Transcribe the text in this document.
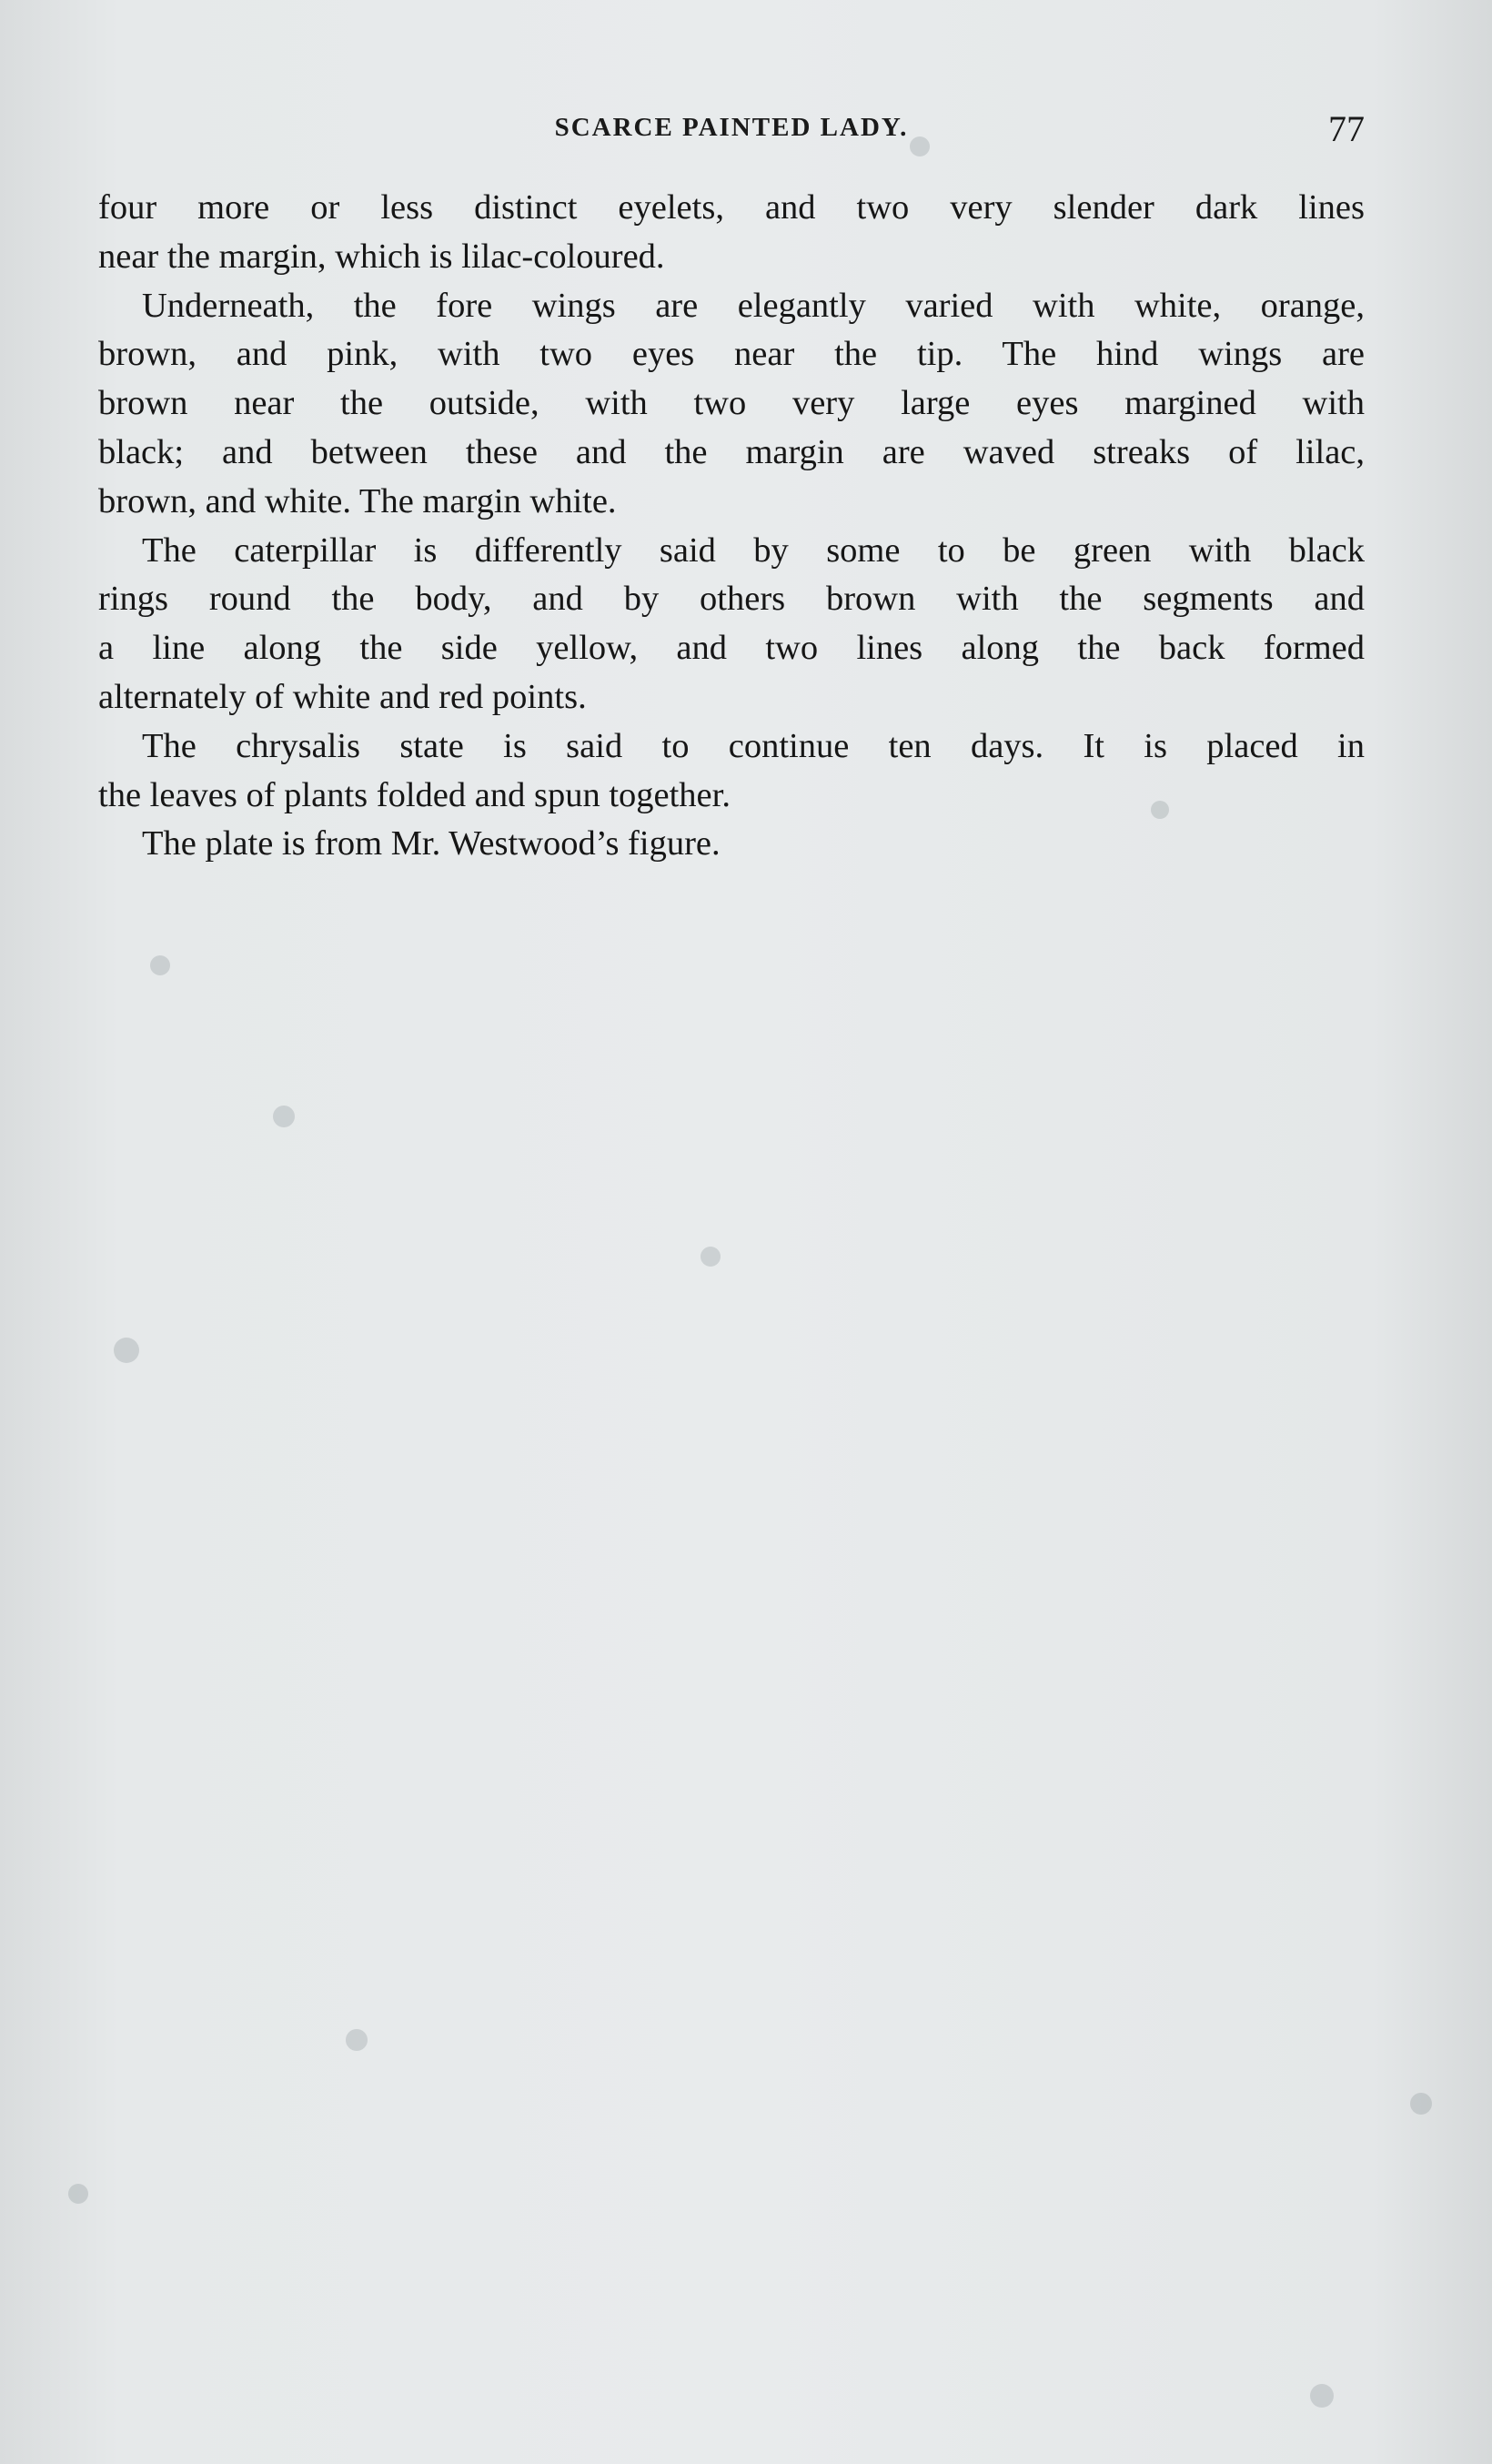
SCARCE PAINTED LADY.	77
four more or less distinct eyelets, and two very slender dark lines
near the margin, which is lilac-coloured.
Underneath, the fore wings are elegantly varied with white, orange,
brown, and pink, with two eyes near the tip. The hind wings are
brown near the outside, with two very large eyes margined with
black; and between these and the margin are waved streaks of lilac,
brown, and white. The margin white.
The caterpillar is differently said by some to be green with black
rings round the body, and by others brown with the segments and
a line along the side yellow, and two lines along the back formed
alternately of white and red points.
The chrysalis state is said to continue ten days. It is placed in
the leaves of plants folded and spun together.
The plate is from Mr. Westwood’s figure.
